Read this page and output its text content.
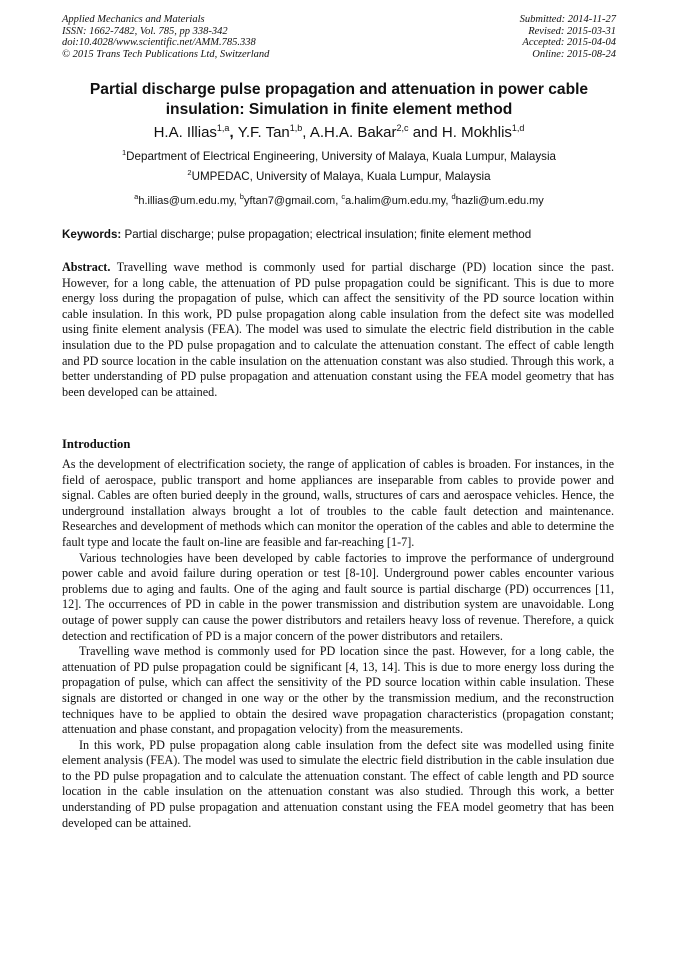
Applied Mechanics and Materials
ISSN: 1662-7482, Vol. 785, pp 338-342
doi:10.4028/www.scientific.net/AMM.785.338
© 2015 Trans Tech Publications Ltd, Switzerland
Submitted: 2014-11-27
Revised: 2015-03-31
Accepted: 2015-04-04
Online: 2015-08-24
Partial discharge pulse propagation and attenuation in power cable
insulation: Simulation in finite element method
H.A. Illias$^{1,a}$, Y.F. Tan$^{1,b}$, A.H.A. Bakar$^{2,c}$ and H. Mokhlis$^{1,d}$
$^1$Department of Electrical Engineering, University of Malaya, Kuala Lumpur, Malaysia
$^2$UMPEDAC, University of Malaya, Kuala Lumpur, Malaysia
$^a$h.illias@um.edu.my, $^b$yftan7@gmail.com, $^c$a.halim@um.edu.my, $^d$hazli@um.edu.my
Keywords: Partial discharge; pulse propagation; electrical insulation; finite element method
Abstract. Travelling wave method is commonly used for partial discharge (PD) location since the past. However, for a long cable, the attenuation of PD pulse propagation could be significant. This is due to more energy loss during the propagation of pulse, which can affect the sensitivity of the PD source location within cable insulation. In this work, PD pulse propagation along cable insulation from the defect site was modelled using finite element analysis (FEA). The model was used to simulate the electric field distribution in the cable insulation due to the PD pulse propagation and to calculate the attenuation constant. The effect of cable length and PD source location in the cable insulation on the attenuation constant was also studied. Through this work, a better understanding of PD pulse propagation and attenuation constant using the FEA model geometry that has been developed can be attained.
Introduction

As the development of electrification society, the range of application of cables is broaden. For instances, in the field of aerospace, public transport and home appliances are inseparable from cables to provide power and signal. Cables are often buried deeply in the ground, walls, structures of cars and aerospace vehicles. Hence, the underground installation always brought a lot of troubles to the cable fault detection and maintenance. Researches and development of methods which can monitor the operation of the cables and able to determine the fault type and locate the fault on-line are feasible and far-reaching [1-7].

Various technologies have been developed by cable factories to improve the performance of underground power cable and avoid failure during operation or test [8-10]. Underground power cables encounter various problems due to aging and faults. One of the aging and fault source is partial discharge (PD) occurrences [11, 12]. The occurrences of PD in cable in the power transmission and distribution system are unavoidable. Long outage of power supply can cause the power distributors and retailers heavy loss of revenue. Therefore, a quick detection and rectification of PD is a major concern of the power distributors and retailers.

Travelling wave method is commonly used for PD location since the past. However, for a long cable, the attenuation of PD pulse propagation could be significant [4, 13, 14]. This is due to more energy loss during the propagation of pulse, which can affect the sensitivity of the PD source location within cable insulation. These signals are distorted or changed in one way or the other by the transmission medium, and the reconstruction techniques have to be applied to obtain the desired wave propagation characteristics (propagation constant; attenuation and phase constant, and propagation velocity) from the measurements.

In this work, PD pulse propagation along cable insulation from the defect site was modelled using finite element analysis (FEA). The model was used to simulate the electric field distribution in the cable insulation due to the PD pulse propagation and to calculate the attenuation constant. The effect of cable length and PD source location in the cable insulation on the attenuation constant was also studied. Through this work, a better understanding of PD pulse propagation and attenuation constant using the FEA model geometry that has been developed can be attained.
